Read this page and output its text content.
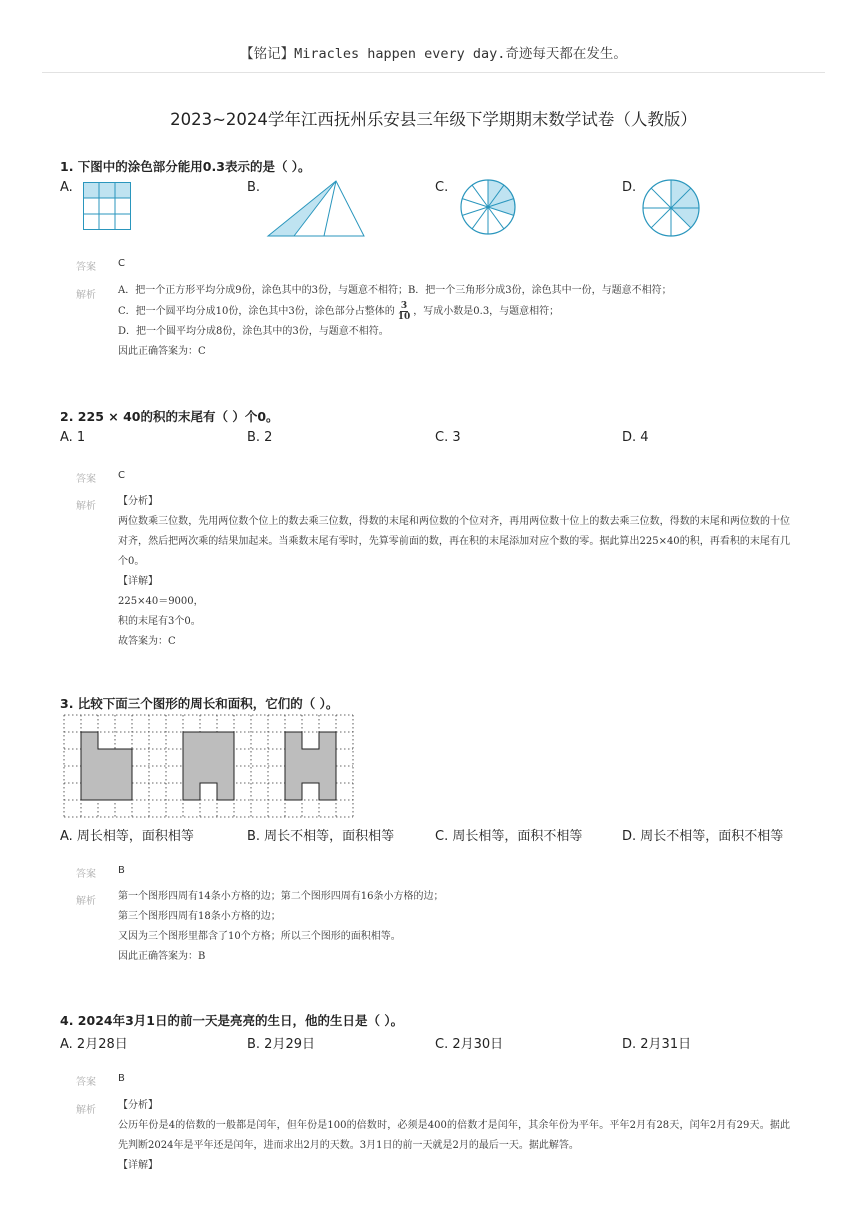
【铭记】Miracles happen every day.奇迹每天都在发生。
2023~2024学年江西抚州乐安县三年级下学期期末数学试卷（人教版）
1. 下图中的涂色部分能用0.3表示的是（ ）。
A.	B.	C.	D.
答案 C
解析 A．把一个正方形平均分成9份，涂色其中的3份，与题意不相符；B．把一个三角形分成3份，涂色其中一份，与题意不相符；
C．把一个圆平均分成10份，涂色其中3份，涂色部分占整体的 $\frac{3}{10}$ ，写成小数是0.3，与题意相符；
D．把一个圆平均分成8份，涂色其中的3份，与题意不相符。
因此正确答案为：C
2. 225 × 40的积的末尾有（ ）个0。
A. 1	B. 2	C. 3	D. 4
答案 C
解析 【分析】
两位数乘三位数，先用两位数个位上的数去乘三位数，得数的末尾和两位数的个位对齐，再用两位数十位上的数去乘三位数，得数的末尾和两位数的十位对齐，然后把两次乘的结果加起来。当乘数末尾有零时，先算零前面的数，再在积的末尾添加对应个数的零。据此算出225×40的积，再看积的末尾有几个0。
【详解】
225×40＝9000，
积的末尾有3个0。
故答案为：C
3. 比较下面三个图形的周长和面积，它们的（ ）。
A. 周长相等，面积相等	B. 周长不相等，面积相等	C. 周长相等，面积不相等	D. 周长不相等，面积不相等
答案 B
解析 第一个图形四周有14条小方格的边；第二个图形四周有16条小方格的边；
第三个图形四周有18条小方格的边；
又因为三个图形里都含了10个方格；所以三个图形的面积相等。
因此正确答案为：B
4. 2024年3月1日的前一天是亮亮的生日，他的生日是（ ）。
A. 2月28日	B. 2月29日	C. 2月30日	D. 2月31日
答案 B
解析 【分析】
公历年份是4的倍数的一般都是闰年，但年份是100的倍数时，必须是400的倍数才是闰年，其余年份为平年。平年2月有28天，闰年2月有29天。据此先判断2024年是平年还是闰年，进而求出2月的天数。3月1日的前一天就是2月的最后一天。据此解答。
【详解】
